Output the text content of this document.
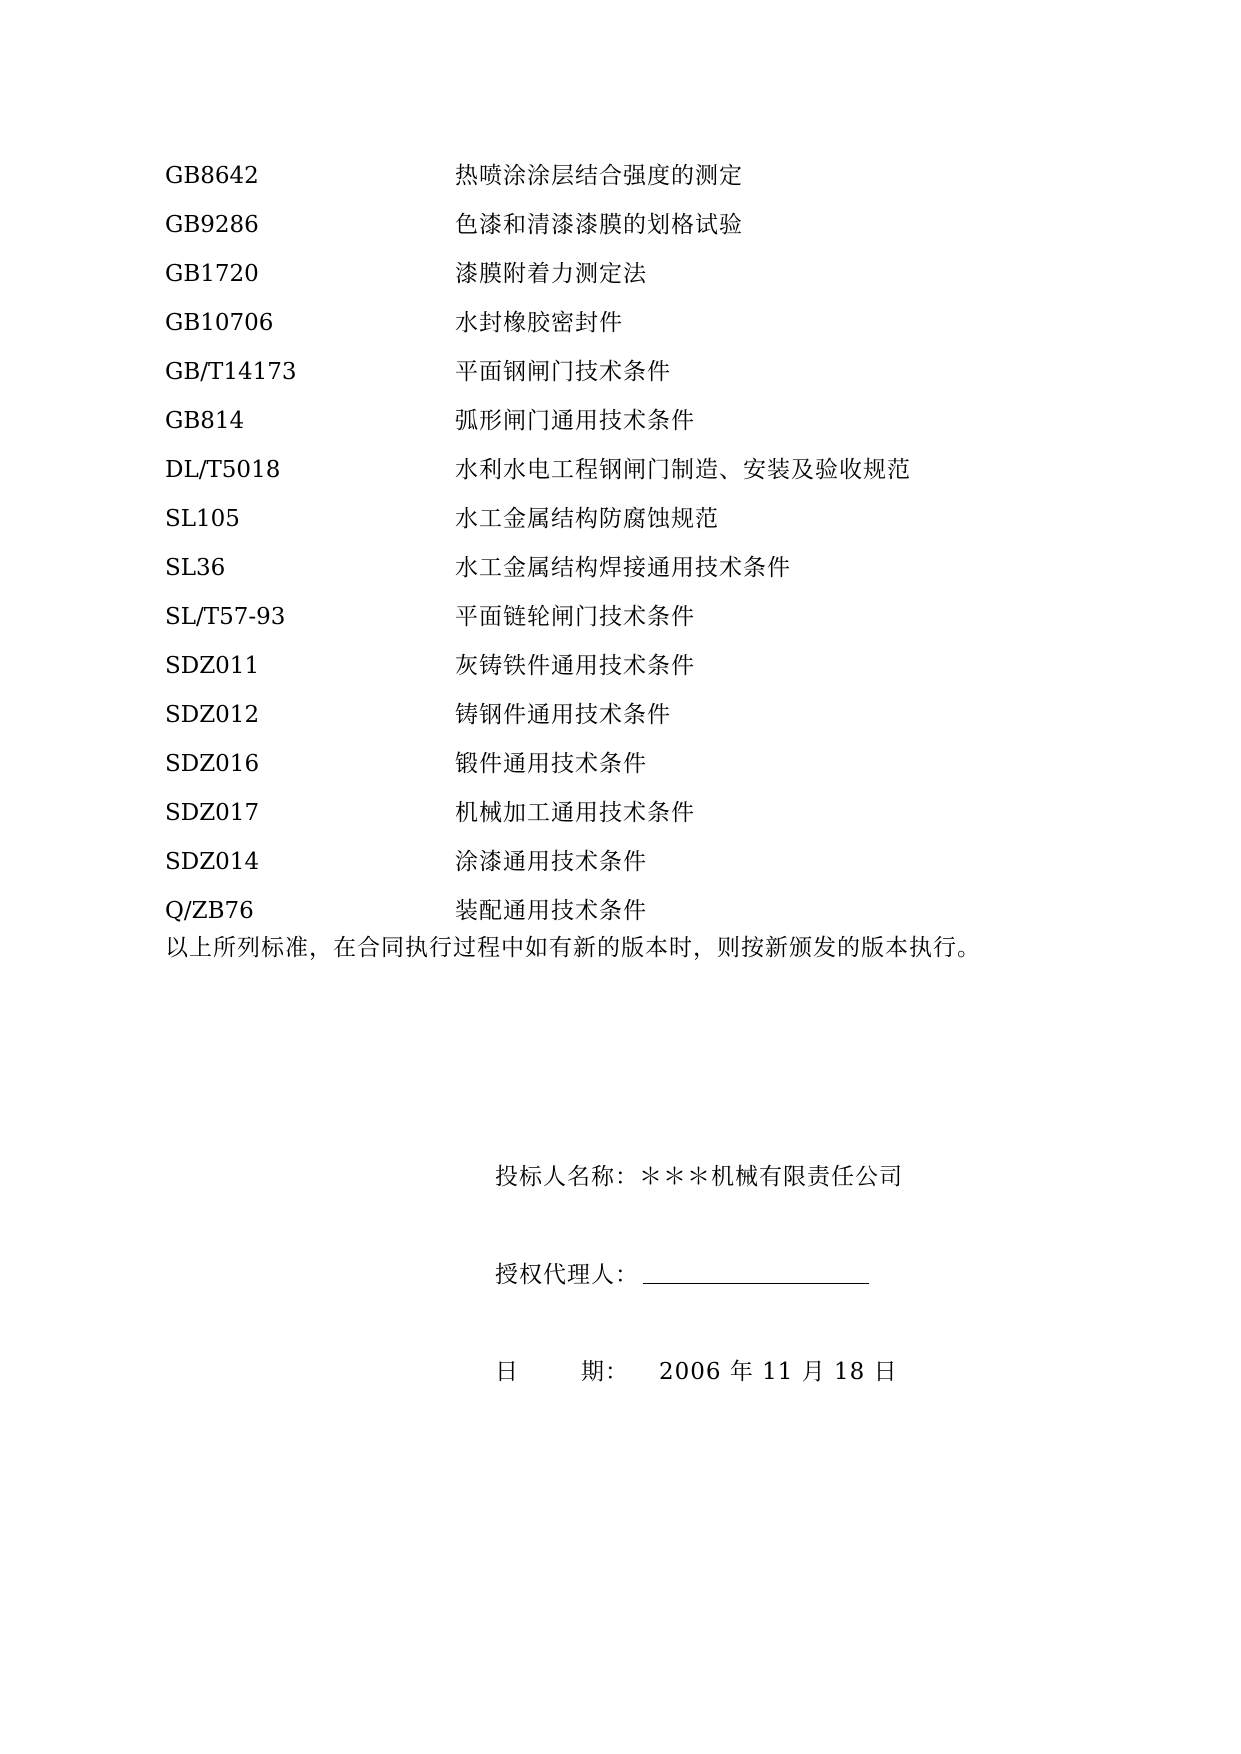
GB8642	热喷涂涂层结合强度的测定
GB9286	色漆和清漆漆膜的划格试验
GB1720	漆膜附着力测定法
GB10706	水封橡胶密封件
GB/T14173	平面钢闸门技术条件
GB814	弧形闸门通用技术条件
DL/T5018	水利水电工程钢闸门制造、安装及验收规范
SL105	水工金属结构防腐蚀规范
SL36	水工金属结构焊接通用技术条件
SL/T57-93	平面链轮闸门技术条件
SDZ011	灰铸铁件通用技术条件
SDZ012	铸钢件通用技术条件
SDZ016	锻件通用技术条件
SDZ017	机械加工通用技术条件
SDZ014	涂漆通用技术条件
Q/ZB76	装配通用技术条件
以上所列标准，在合同执行过程中如有新的版本时，则按新颁发的版本执行。
投标人名称：＊＊＊机械有限责任公司
授权代理人：
日	期： 2006 年 11 月 18 日
